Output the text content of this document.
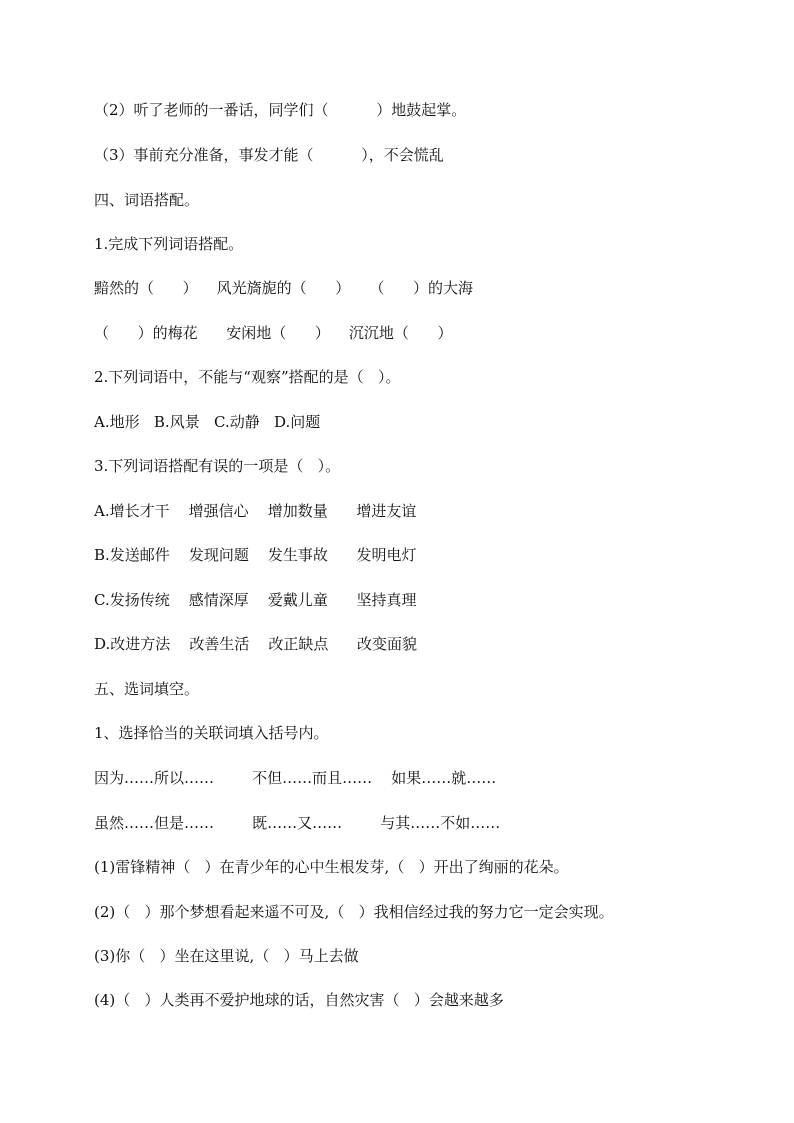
（2）听了老师的一番话，同学们（          ）地鼓起掌。
（3）事前充分准备，事发才能（          ），不会慌乱
四、词语搭配。
1.完成下列词语搭配。
黯然的（      ）    风光旖旎的（      ）    （      ）的大海
（      ）的梅花      安闲地（      ）    沉沉地（      ）
2.下列词语中，不能与“观察”搭配的是（   ）。
A.地形   B.风景   C.动静   D.问题
3.下列词语搭配有误的一项是（   ）。
A.增长才干    增强信心    增加数量      增进友谊
B.发送邮件    发现问题    发生事故      发明电灯
C.发扬传统    感情深厚    爱戴儿童      坚持真理
D.改进方法    改善生活    改正缺点      改变面貌
五、选词填空。
1、选择恰当的关联词填入括号内。
因为……所以……        不但……而且……    如果……就……
虽然……但是……        既……又……        与其……不如……
(1)雷锋精神（   ）在青少年的心中生根发芽,（   ）开出了绚丽的花朵。
(2)（   ）那个梦想看起来遥不可及,（   ）我相信经过我的努力它一定会实现。
(3)你（   ）坐在这里说,（   ）马上去做
(4)（   ）人类再不爱护地球的话，自然灾害（   ）会越来越多
